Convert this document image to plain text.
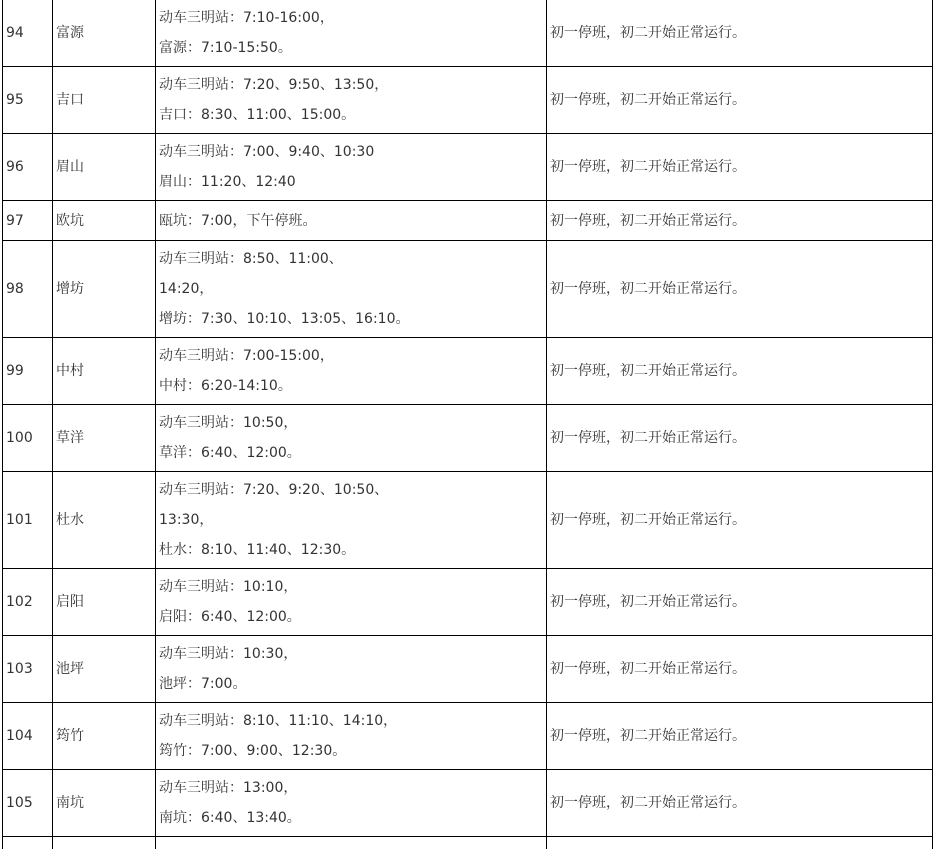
94	富源	动车三明站：7:10-16:00，
富源：7:10-15:50。	初一停班，初二开始正常运行。
95	吉口	动车三明站：7:20、9:50、13:50，
吉口：8:30、11:00、15:00。	初一停班，初二开始正常运行。
96	眉山	动车三明站：7:00、9:40、10:30
眉山：11:20、12:40	初一停班，初二开始正常运行。
97	欧坑	瓯坑：7:00，下午停班。	初一停班，初二开始正常运行。
98	增坊	动车三明站：8:50、11:00、
14:20，
增坊：7:30、10:10、13:05、16:10。	初一停班，初二开始正常运行。
99	中村	动车三明站：7:00-15:00，
中村：6:20-14:10。	初一停班，初二开始正常运行。
100	草洋	动车三明站：10:50，
草洋：6:40、12:00。	初一停班，初二开始正常运行。
101	杜水	动车三明站：7:20、9:20、10:50、
13:30，
杜水：8:10、11:40、12:30。	初一停班，初二开始正常运行。
102	启阳	动车三明站：10:10，
启阳：6:40、12:00。	初一停班，初二开始正常运行。
103	池坪	动车三明站：10:30，
池坪：7:00。	初一停班，初二开始正常运行。
104	筠竹	动车三明站：8:10、11:10、14:10，
筠竹：7:00、9:00、12:30。	初一停班，初二开始正常运行。
105	南坑	动车三明站：13:00，
南坑：6:40、13:40。	初一停班，初二开始正常运行。
